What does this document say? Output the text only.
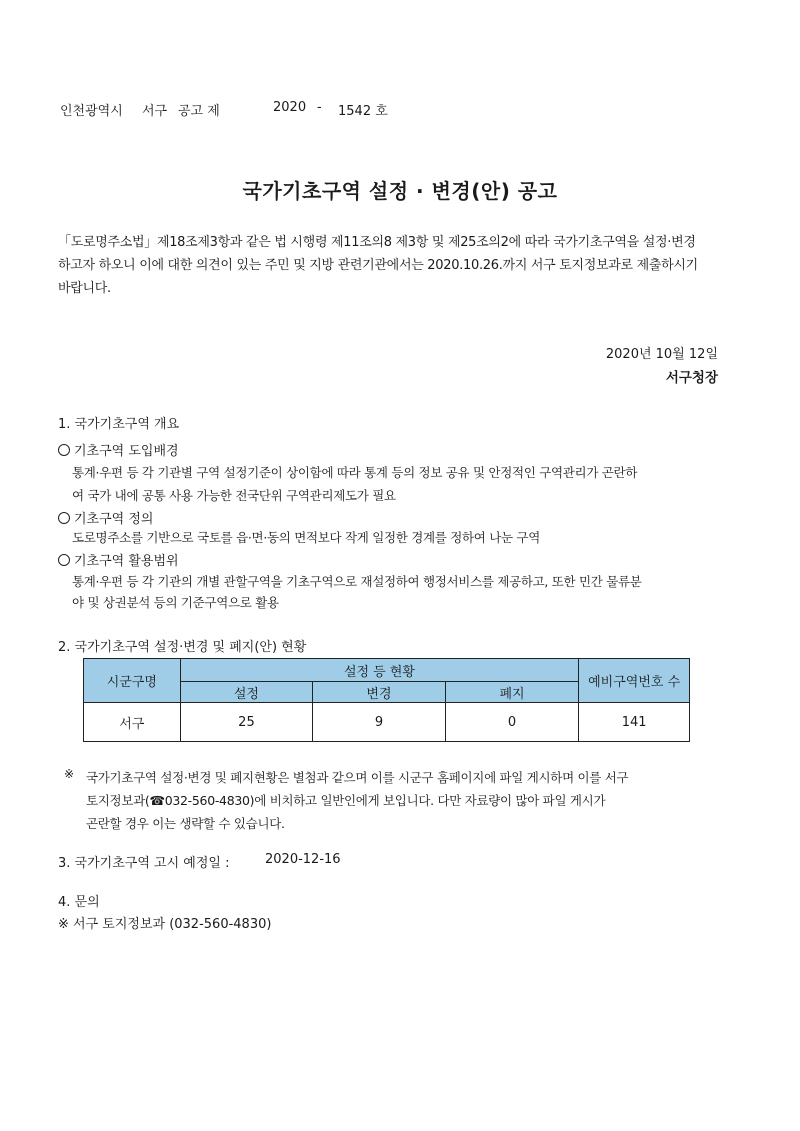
인천광역시 서구 공고 제	2020 - 1542 호
국가기초구역 설정 · 변경(안) 공고
「도로명주소법」제18조제3항과 같은 법 시행령 제11조의8 제3항 및 제25조의2에 따라 국가기초구역을 설정·변경
하고자 하오니 이에 대한 의견이 있는 주민 및 지방 관련기관에서는 2020.10.26.까지 서구 토지정보과로 제출하시기
바랍니다.
2020년 10월 12일
서구청장
1. 국가기초구역 개요
기초구역 도입배경
통계·우편 등 각 기관별 구역 설정기준이 상이함에 따라 통계 등의 정보 공유 및 안정적인 구역관리가 곤란하
여 국가 내에 공통 사용 가능한 전국단위 구역관리제도가 필요
기초구역 정의
도로명주소를 기반으로 국토를 읍·면·동의 면적보다 작게 일정한 경계를 정하여 나눈 구역
기초구역 활용범위
통계·우편 등 각 기관의 개별 관할구역을 기초구역으로 재설정하여 행정서비스를 제공하고, 또한 민간 물류분
야 및 상권분석 등의 기준구역으로 활용
2. 국가기초구역 설정·변경 및 폐지(안) 현황
시군구명	설정 등 현황			예비구역번호 수
	설정	변경	폐지	
서구	25	9	0	141
※ 국가기초구역 설정·변경 및 폐지현황은 별첨과 같으며 이를 시군구 홈페이지에 파일 게시하며 이를 서구
토지정보과(☎032-560-4830)에 비치하고 일반인에게 보입니다. 다만 자료량이 많아 파일 게시가
곤란할 경우 이는 생략할 수 있습니다.
3. 국가기초구역 고시 예정일 :	2020-12-16
4. 문의
※ 서구 토지정보과 (032-560-4830)
